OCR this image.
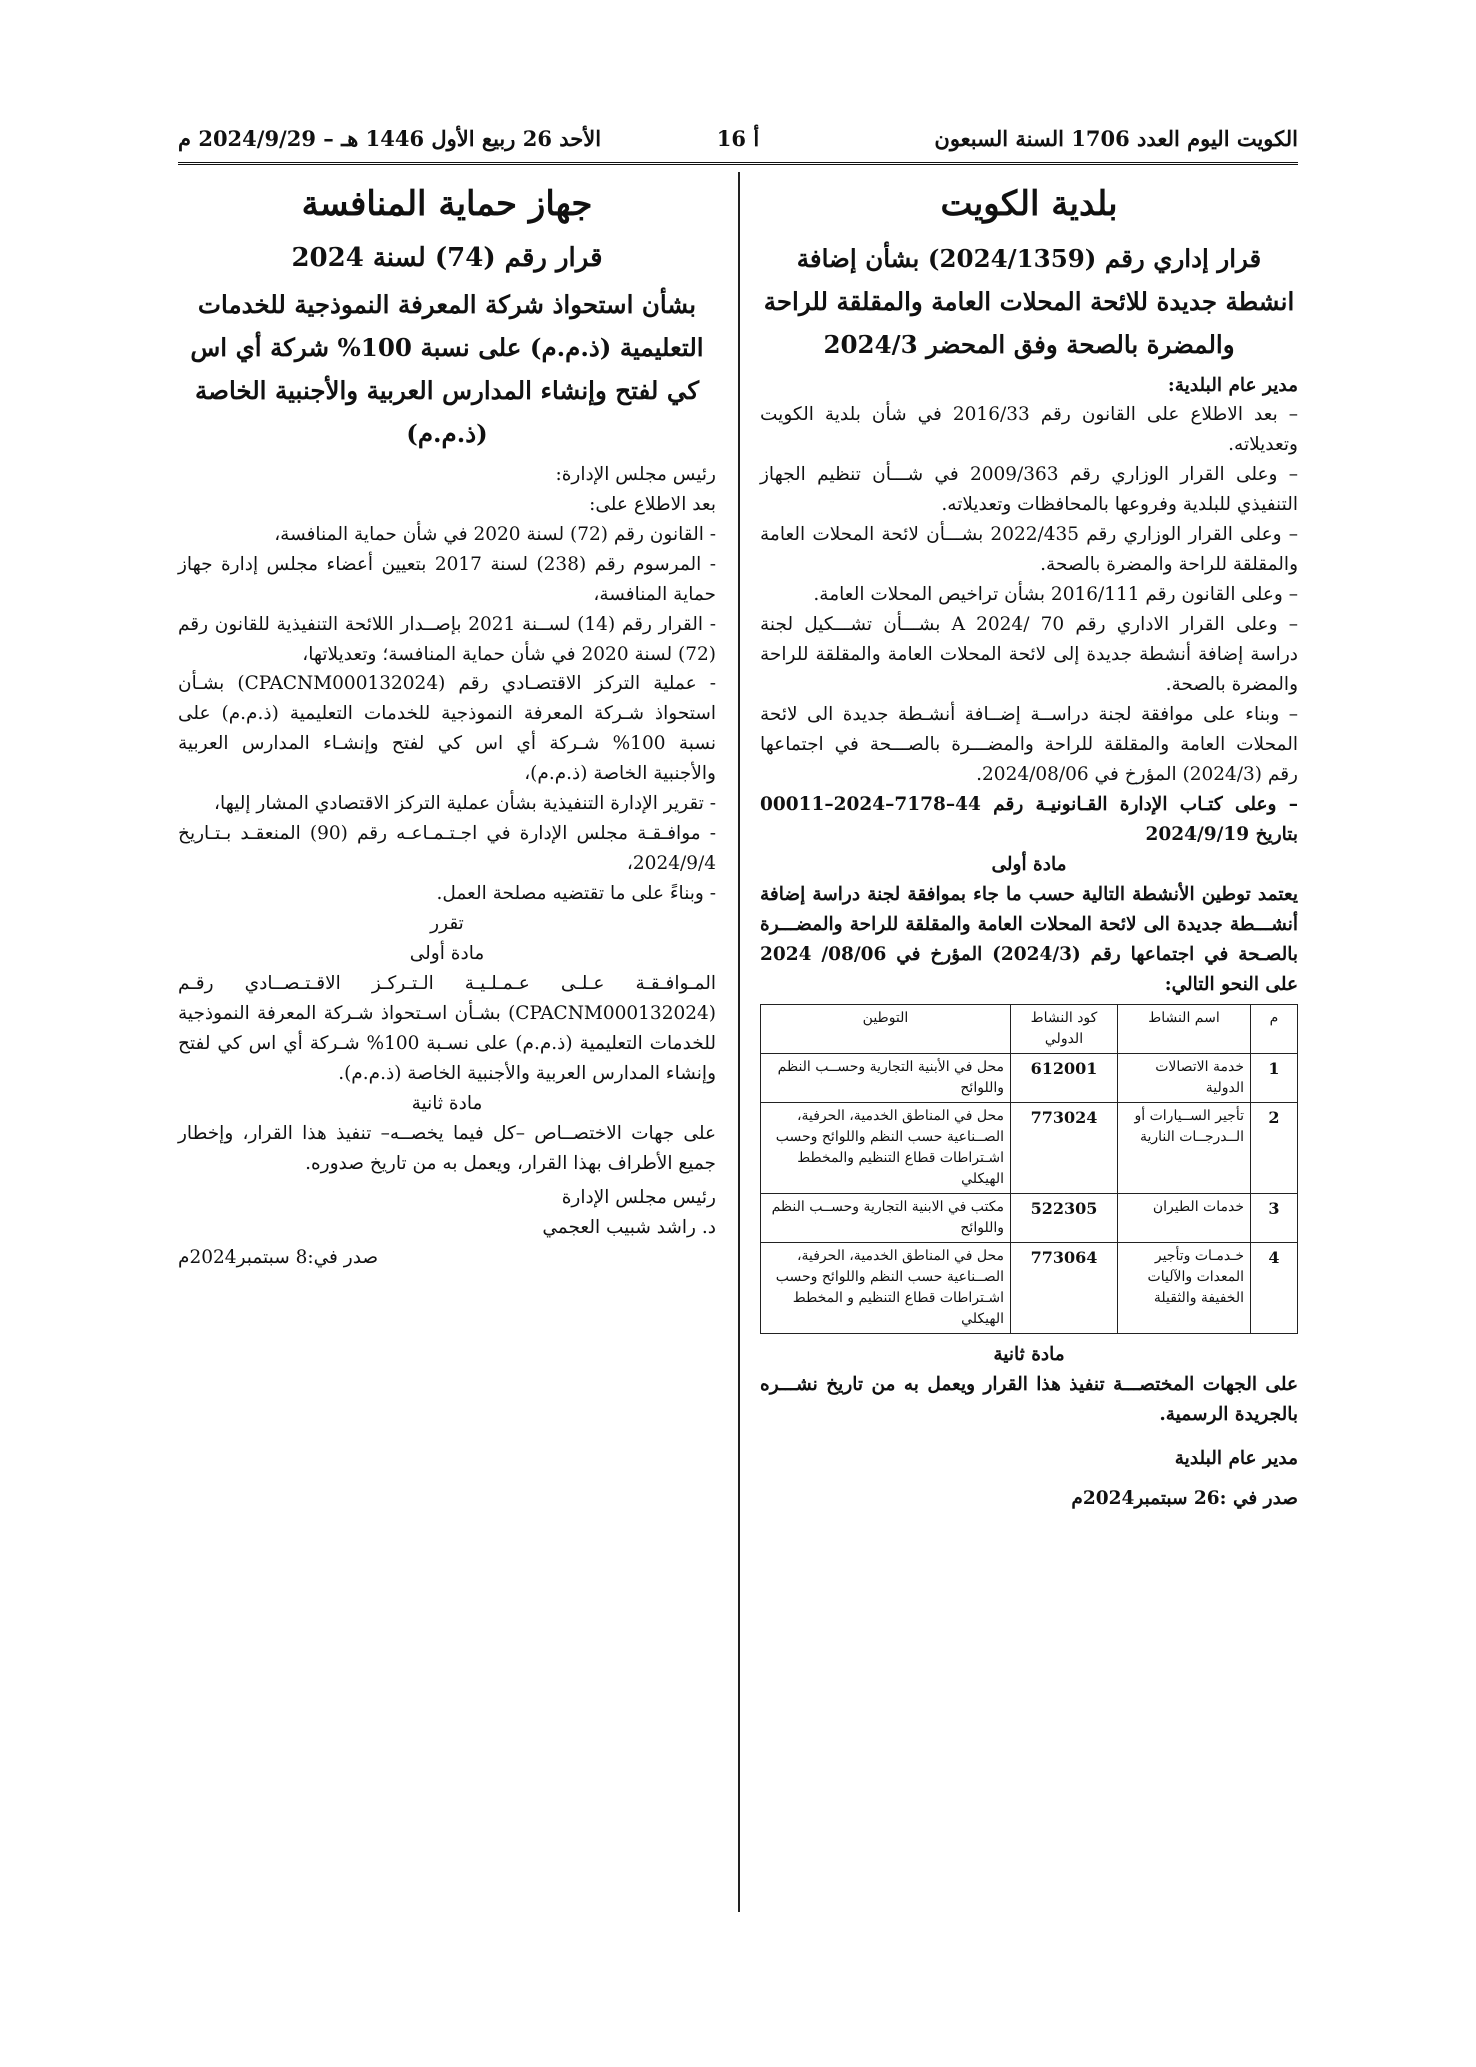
الكويت اليوم العدد 1706 السنة السبعون
أ 16
الأحد 26 ربيع الأول 1446 هـ – 2024/9/29 م
بلدية الكويت
قرار إداري رقم (2024/1359) بشأن إضافة انشطة جديدة للائحة المحلات العامة والمقلقة للراحة والمضرة بالصحة وفق المحضر 2024/3

مدير عام البلدية:

– بعد الاطلاع على القانون رقم 2016/33 في شأن بلدية الكويت وتعديلاته.

– وعلى القرار الوزاري رقم 2009/363 في شـــأن تنظيم الجهاز التنفيذي للبلدية وفروعها بالمحافظات وتعديلاته.

– وعلى القرار الوزاري رقم 2022/435 بشـــأن لائحة المحلات العامة والمقلقة للراحة والمضرة بالصحة.

– وعلى القانون رقم 2016/111 بشأن تراخيص المحلات العامة.

– وعلى القرار الاداري رقم 70 /A 2024 بشـــأن تشـــكيل لجنة دراسة إضافة أنشطة جديدة إلى لائحة المحلات العامة والمقلقة للراحة والمضرة بالصحة.

– وبناء على موافقة لجنة دراســة إضــافة أنشـطة جديدة الى لائحة المحلات العامة والمقلقة للراحة والمضـــرة بالصـــحة في اجتماعها رقم (2024/3) المؤرخ في 2024/08/06.

– وعلى كتـاب الإدارة القـانونيـة رقم 44–7178–2024–00011 بتاريخ 2024/9/19

مادة أولى

يعتمد توطين الأنشطة التالية حسب ما جاء بموافقة لجنة دراسة إضافة أنشـــطة جديدة الى لائحة المحلات العامة والمقلقة للراحة والمضـــرة بالصـحة في اجتماعها رقم (2024/3) المؤرخ في 08/06/ 2024 على النحو التالي:

م	اسم النشاط	كود النشاط الدولي	التوطين
1	خدمة الاتصالات الدولية	612001	محل في الأبنية التجارية وحســب النظم واللوائح
2	تأجير الســيارات أو الــدرجــات النارية	773024	محل في المناطق الخدمية، الحرفية، الصــناعية حسب النظم واللوائح وحسب اشـتراطات قطاع التنظيم والمخطط الهيكلي
3	خدمات الطيران	522305	مكتب في الابنية التجارية وحســب النظم واللوائح
4	خـدمـات وتأجير المعدات والآليات الخفيفة والثقيلة	773064	محل في المناطق الخدمية، الحرفية، الصــناعية حسب النظم واللوائح وحسب اشـتراطات قطاع التنظيم و المخطط الهيكلي

مادة ثانية

على الجهات المختصـــة تنفيذ هذا القرار ويعمل به من تاريخ نشـــره بالجريدة الرسمية.

مدير عام البلدية

صدر في :26 سبتمبر2024م

جهاز حماية المنافسة
قرار رقم (74) لسنة 2024
بشأن استحواذ شركة المعرفة النموذجية للخدمات التعليمية (ذ.م.م) على نسبة 100% شركة أي اس كي لفتح وإنشاء المدارس العربية والأجنبية الخاصة (ذ.م.م)

رئيس مجلس الإدارة:

بعد الاطلاع على:

- القانون رقم (72) لسنة 2020 في شأن حماية المنافسة،

- المرسوم رقم (238) لسنة 2017 بتعيين أعضاء مجلس إدارة جهاز حماية المنافسة،

- القرار رقم (14) لســنة 2021 بإصــدار اللائحة التنفيذية للقانون رقم (72) لسنة 2020 في شأن حماية المنافسة؛ وتعديلاتها،

- عملية التركز الاقتصـادي رقم (CPACNM000132024) بشـأن استحواذ شـركة المعرفة النموذجية للخدمات التعليمية (ذ.م.م) على نسبة 100% شـركة أي اس كي لفتح وإنشـاء المدارس العربية والأجنبية الخاصة (ذ.م.م)،

- تقرير الإدارة التنفيذية بشأن عملية التركز الاقتصادي المشار إليها،

- موافـقـة مجلس الإدارة في اجـتـمـاعـه رقم (90) المنعقـد بـتـاريخ 2024/9/4،

- وبناءً على ما تقتضيه مصلحة العمل.

تقرر

مادة أولى

المـوافـقـة عـلـى عـمـلـيـة الـتـركـز الاقـتـصــادي رقـم (CPACNM000132024) بشـأن اسـتحواذ شـركة المعرفة النموذجية للخدمات التعليمية (ذ.م.م) على نسـبة 100% شـركة أي اس كي لفتح وإنشاء المدارس العربية والأجنبية الخاصة (ذ.م.م).

مادة ثانية

على جهات الاختصــاص –كل فيما يخصــه– تنفيذ هذا القرار، وإخطار جميع الأطراف بهذا القرار، ويعمل به من تاريخ صدوره.

رئيس مجلس الإدارة

د. راشد شبيب العجمي

صدر في:8 سبتمبر2024م
